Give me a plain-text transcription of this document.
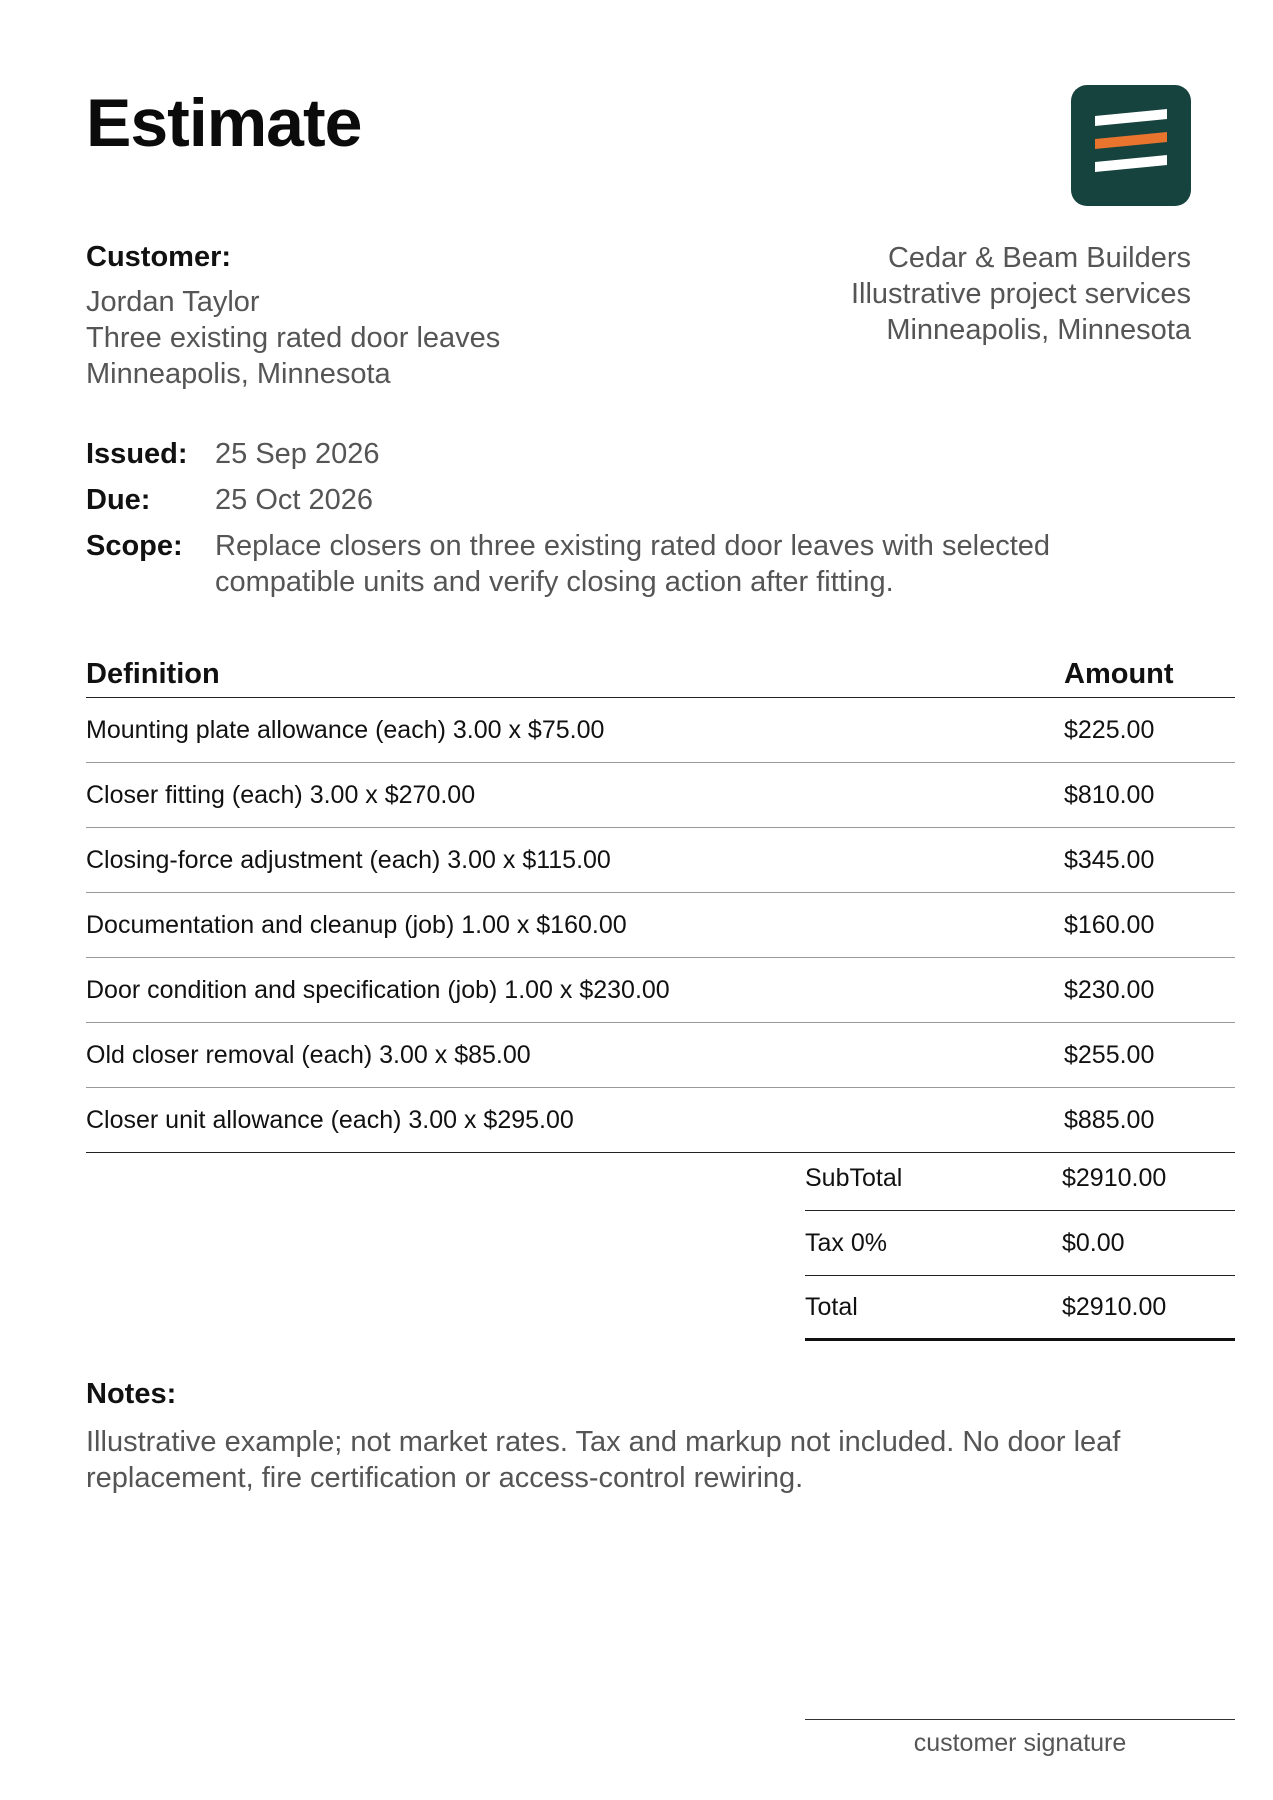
Estimate
Customer:
Jordan Taylor
Three existing rated door leaves
Minneapolis, Minnesota
Cedar & Beam Builders
Illustrative project services
Minneapolis, Minnesota
Issued: 25 Sep 2026
Due:	25 Oct 2026
Scope:	Replace closers on three existing rated door leaves with selected compatible units and verify closing action after fitting.
Definition	Amount
Mounting plate allowance (each) 3.00 x $75.00	$225.00
Closer fitting (each) 3.00 x $270.00	$810.00
Closing-force adjustment (each) 3.00 x $115.00	$345.00
Documentation and cleanup (job) 1.00 x $160.00	$160.00
Door condition and specification (job) 1.00 x $230.00	$230.00
Old closer removal (each) 3.00 x $85.00	$255.00
Closer unit allowance (each) 3.00 x $295.00	$885.00
SubTotal	$2910.00
Tax 0%	$0.00
Total	$2910.00
Notes:
Illustrative example; not market rates. Tax and markup not included. No door leaf replacement, fire certification or access-control rewiring.
customer signature
